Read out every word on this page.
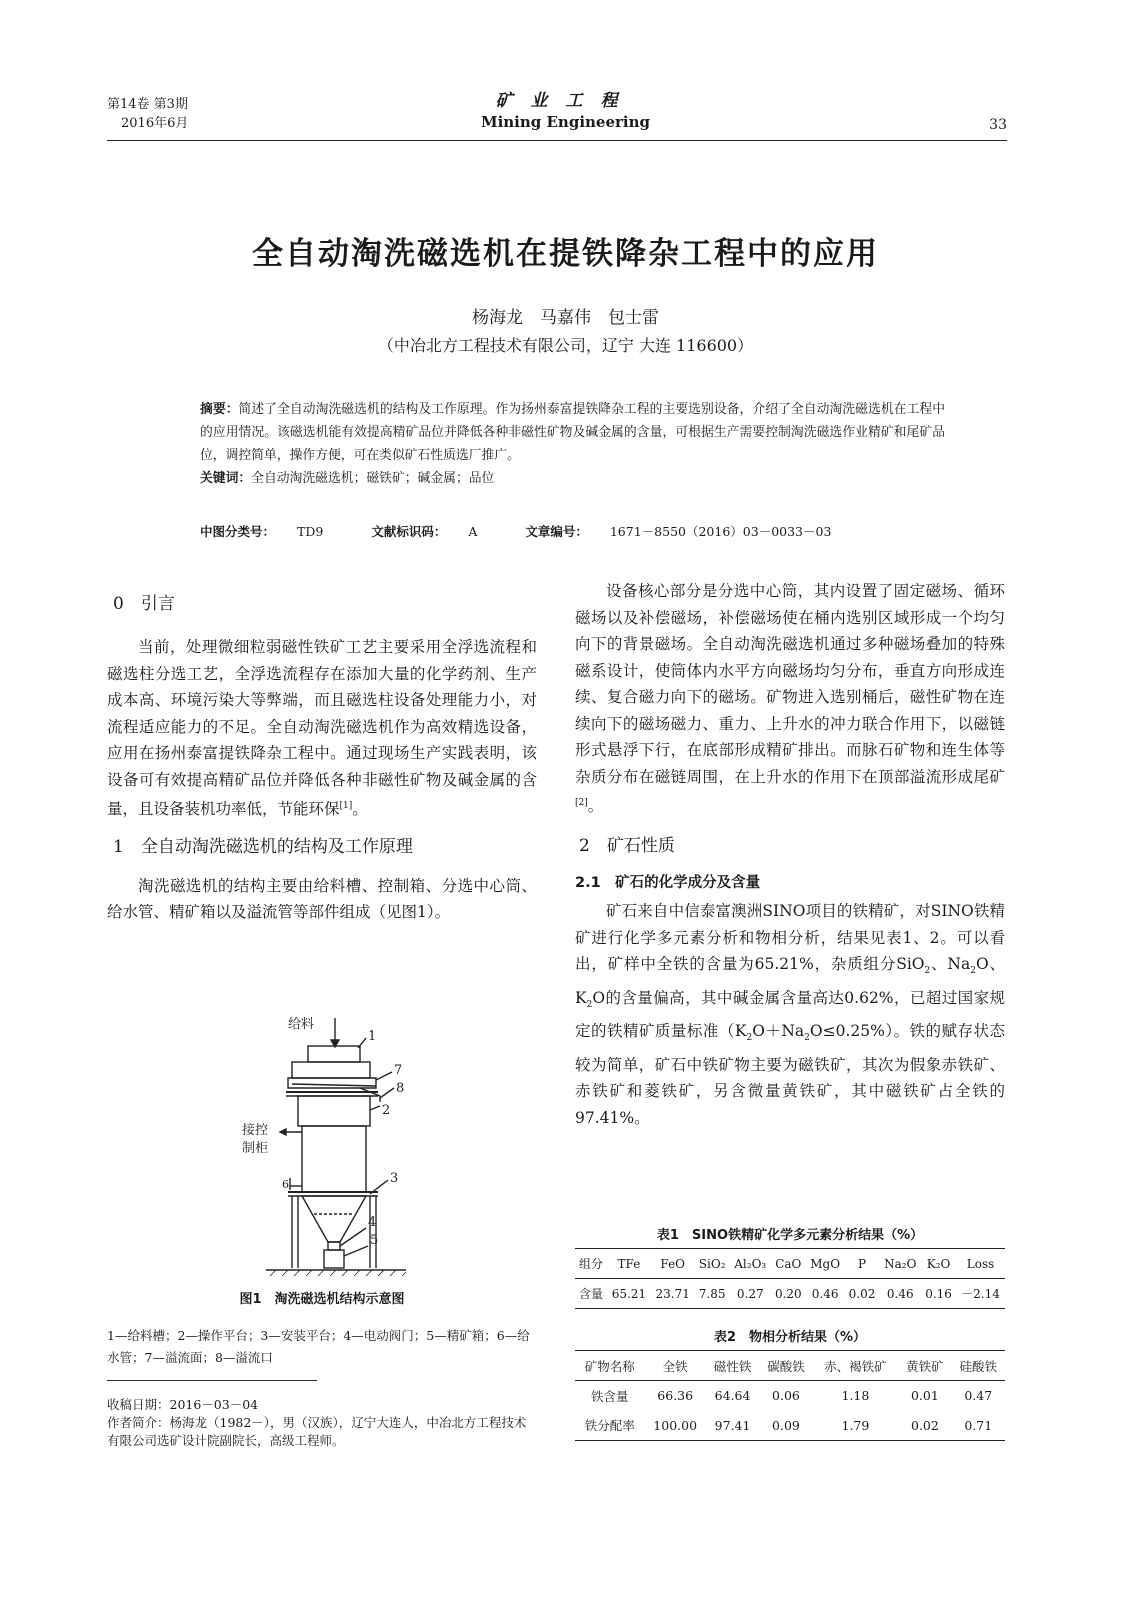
第14卷 第3期
2016年6月
矿业工程
Mining Engineering	33
全自动淘洗磁选机在提铁降杂工程中的应用
杨海龙　马嘉伟　包士雷
（中冶北方工程技术有限公司，辽宁 大连 116600）
摘要：简述了全自动淘洗磁选机的结构及工作原理。作为扬州泰富提铁降杂工程的主要选别设备，介绍了全自动淘洗磁选机在工程中的应用情况。该磁选机能有效提高精矿品位并降低各种非磁性矿物及碱金属的含量，可根据生产需要控制淘洗磁选作业精矿和尾矿品位，调控简单，操作方便，可在类似矿石性质选厂推广。
关键词：全自动淘洗磁选机；磁铁矿；碱金属；品位
中图分类号： TD9	文献标识码： A	文章编号： 1671－8550（2016）03－0033－03
0　引言

当前，处理微细粒弱磁性铁矿工艺主要采用全浮选流程和磁选柱分选工艺，全浮选流程存在添加大量的化学药剂、生产成本高、环境污染大等弊端，而且磁选柱设备处理能力小，对流程适应能力的不足。全自动淘洗磁选机作为高效精选设备，应用在扬州泰富提铁降杂工程中。通过现场生产实践表明，该设备可有效提高精矿品位并降低各种非磁性矿物及碱金属的含量，且设备装机功率低，节能环保[1]。

1　全自动淘洗磁选机的结构及工作原理

淘洗磁选机的结构主要由给料槽、控制箱、分选中心筒、给水管、精矿箱以及溢流管等部件组成（见图1）。

给料
1
7
8
2
接控
制柜
6	3
4
5
图1　淘洗磁选机结构示意图
1—给料槽；2—操作平台；3—安装平台；4—电动阀门；5—精矿箱；6—给水管；7—溢流面；8—溢流口
收稿日期：2016－03－04
作者简介：杨海龙（1982－），男（汉族），辽宁大连人，中冶北方工程技术有限公司选矿设计院副院长，高级工程师。

设备核心部分是分选中心筒，其内设置了固定磁场、循环磁场以及补偿磁场，补偿磁场使在桶内选别区域形成一个均匀向下的背景磁场。全自动淘洗磁选机通过多种磁场叠加的特殊磁系设计，使筒体内水平方向磁场均匀分布，垂直方向形成连续、复合磁力向下的磁场。矿物进入选别桶后，磁性矿物在连续向下的磁场磁力、重力、上升水的冲力联合作用下，以磁链形式悬浮下行，在底部形成精矿排出。而脉石矿物和连生体等杂质分布在磁链周围，在上升水的作用下在顶部溢流形成尾矿[2]。

2　矿石性质
2.1　矿石的化学成分及含量

矿石来自中信泰富澳洲SINO项目的铁精矿，对SINO铁精矿进行化学多元素分析和物相分析，结果见表1、2。可以看出，矿样中全铁的含量为65.21%，杂质组分SiO$_2$、$Na_2O$、$K_2O$的含量偏高，其中碱金属含量高达0.62%，已超过国家规定的铁精矿质量标准$(K_2O+Na_2O\le 0.25\%)$。铁的赋存状态较为简单，矿石中铁矿物主要为磁铁矿，其次为假象赤铁矿、赤铁矿和菱铁矿，另含微量黄铁矿，其中磁铁矿占全铁的97.41%。

表1　SINO铁精矿化学多元素分析结果（%）
组分	TFe	FeO	SiO₂	Al₂O₃	CaO	MgO	P	Na₂O	K₂O	Loss
含量	65.21	23.71	7.85	0.27	0.20	0.46	0.02	0.46	0.16	－2.14
表2　物相分析结果（%）
矿物名称	全铁	磁性铁	碳酸铁	赤、褐铁矿	黄铁矿	硅酸铁
铁含量	66.36	64.64	0.06	1.18	0.01	0.47
铁分配率	100.00	97.41	0.09	1.79	0.02	0.71
